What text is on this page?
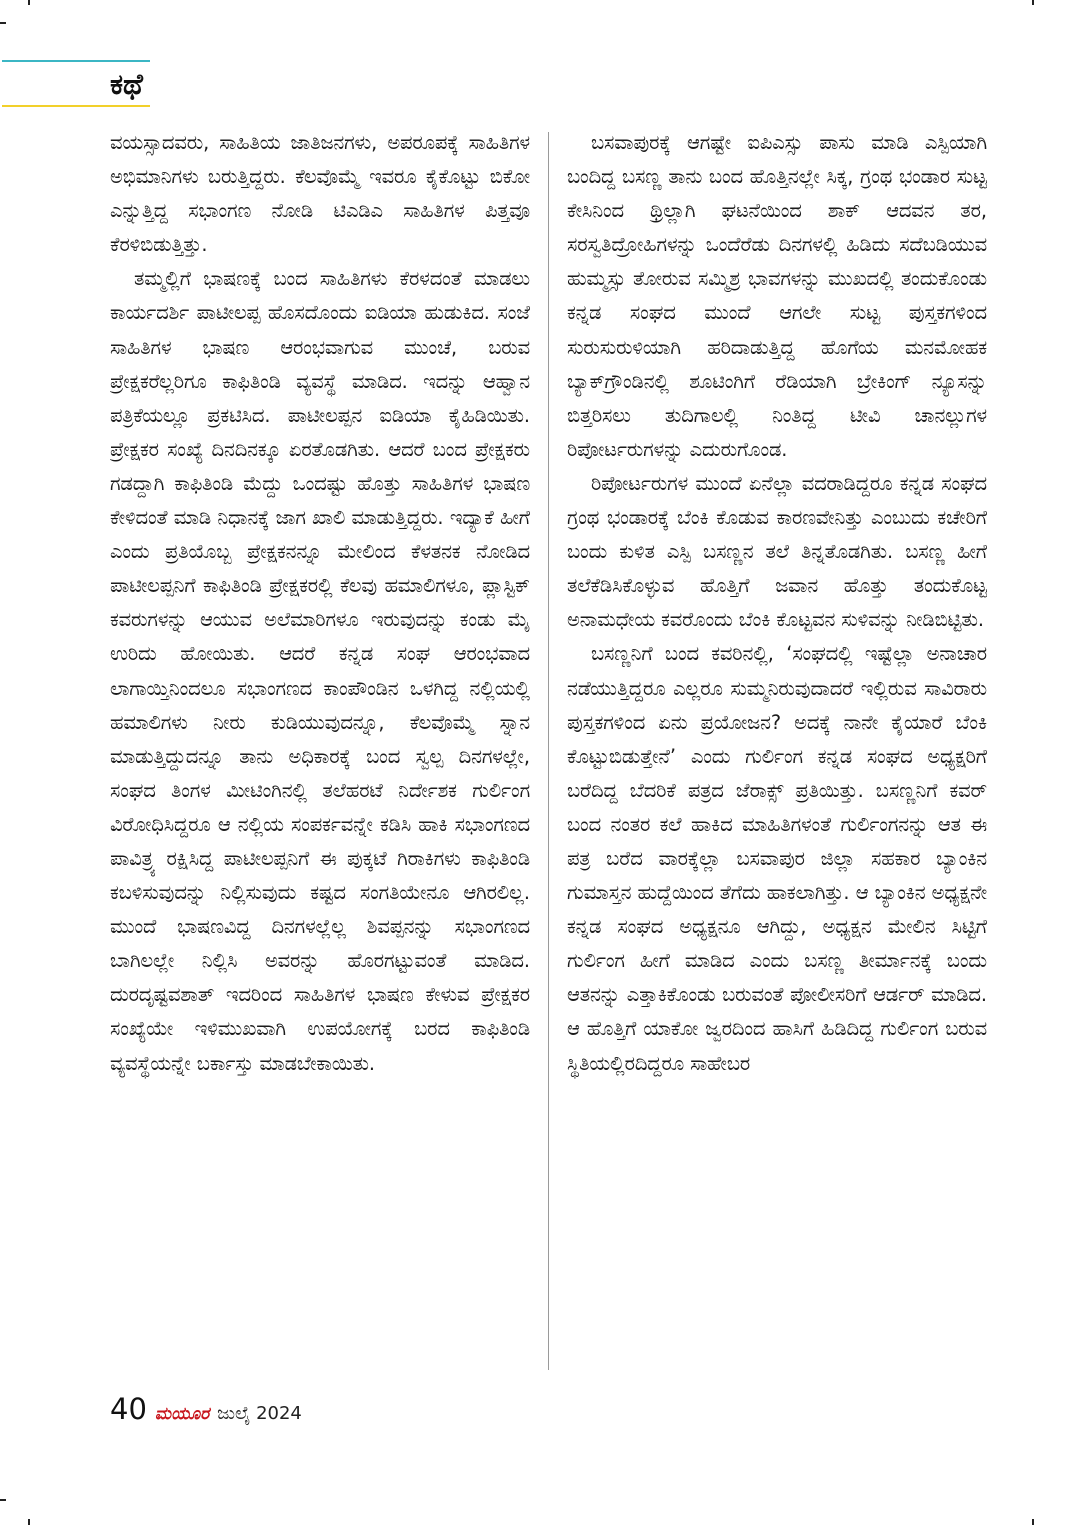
ಕಥೆ

ವಯಸ್ಸಾದವರು, ಸಾಹಿತಿಯ ಜಾತಿಜನಗಳು, ಅಪರೂಪಕ್ಕೆ ಸಾಹಿತಿಗಳ ಅಭಿಮಾನಿಗಳು ಬರುತ್ತಿದ್ದರು. ಕೆಲವೊಮ್ಮೆ ಇವರೂ ಕೈಕೊಟ್ಟು ಬಿಕೋ ಎನ್ನುತ್ತಿದ್ದ ಸಭಾಂಗಣ ನೋಡಿ ಟಿಎಡಿಎ ಸಾಹಿತಿಗಳ ಪಿತ್ತವೂ ಕೆರಳಿಬಿಡುತ್ತಿತ್ತು.

ತಮ್ಮಲ್ಲಿಗೆ ಭಾಷಣಕ್ಕೆ ಬಂದ ಸಾಹಿತಿಗಳು ಕೆರಳದಂತೆ ಮಾಡಲು ಕಾರ್ಯದರ್ಶಿ ಪಾಟೀಲಪ್ಪ ಹೊಸದೊಂದು ಐಡಿಯಾ ಹುಡುಕಿದ. ಸಂಜೆ ಸಾಹಿತಿಗಳ ಭಾಷಣ ಆರಂಭವಾಗುವ ಮುಂಚೆ, ಬರುವ ಪ್ರೇಕ್ಷಕರೆಲ್ಲರಿಗೂ ಕಾಫಿತಿಂಡಿ ವ್ಯವಸ್ಥೆ ಮಾಡಿದ. ಇದನ್ನು ಆಹ್ವಾನ ಪತ್ರಿಕೆಯಲ್ಲೂ ಪ್ರಕಟಿಸಿದ. ಪಾಟೀಲಪ್ಪನ ಐಡಿಯಾ ಕೈಹಿಡಿಯಿತು. ಪ್ರೇಕ್ಷಕರ ಸಂಖ್ಯೆ ದಿನದಿನಕ್ಕೂ ಏರತೊಡಗಿತು. ಆದರೆ ಬಂದ ಪ್ರೇಕ್ಷಕರು ಗಡದ್ದಾಗಿ ಕಾಫಿತಿಂಡಿ ಮೆದ್ದು ಒಂದಷ್ಟು ಹೊತ್ತು ಸಾಹಿತಿಗಳ ಭಾಷಣ ಕೇಳಿದಂತೆ ಮಾಡಿ ನಿಧಾನಕ್ಕೆ ಜಾಗ ಖಾಲಿ ಮಾಡುತ್ತಿದ್ದರು. ಇದ್ಯಾಕೆ ಹೀಗೆ ಎಂದು ಪ್ರತಿಯೊಬ್ಬ ಪ್ರೇಕ್ಷಕನನ್ನೂ ಮೇಲಿಂದ ಕೆಳತನಕ ನೋಡಿದ ಪಾಟೀಲಪ್ಪನಿಗೆ ಕಾಫಿತಿಂಡಿ ಪ್ರೇಕ್ಷಕರಲ್ಲಿ ಕೆಲವು ಹಮಾಲಿಗಳೂ, ಪ್ಲಾಸ್ಟಿಕ್ ಕವರುಗಳನ್ನು ಆಯುವ ಅಲೆಮಾರಿಗಳೂ ಇರುವುದನ್ನು ಕಂಡು ಮೈ ಉರಿದು ಹೋಯಿತು. ಆದರೆ ಕನ್ನಡ ಸಂಘ ಆರಂಭವಾದ ಲಾಗಾಯ್ತಿನಿಂದಲೂ ಸಭಾಂಗಣದ ಕಾಂಪೌಂಡಿನ ಒಳಗಿದ್ದ ನಲ್ಲಿಯಲ್ಲಿ ಹಮಾಲಿಗಳು ನೀರು ಕುಡಿಯುವುದನ್ನೂ, ಕೆಲವೊಮ್ಮೆ ಸ್ನಾನ ಮಾಡುತ್ತಿದ್ದುದನ್ನೂ ತಾನು ಅಧಿಕಾರಕ್ಕೆ ಬಂದ ಸ್ವಲ್ಪ ದಿನಗಳಲ್ಲೇ, ಸಂಘದ ತಿಂಗಳ ಮೀಟಿಂಗಿನಲ್ಲಿ ತಲೆಹರಟೆ ನಿರ್ದೇಶಕ ಗುರ್ಲಿಂಗ ವಿರೋಧಿಸಿದ್ದರೂ ಆ ನಲ್ಲಿಯ ಸಂಪರ್ಕವನ್ನೇ ಕಡಿಸಿ ಹಾಕಿ ಸಭಾಂಗಣದ ಪಾವಿತ್ರ್ಯ ರಕ್ಷಿಸಿದ್ದ ಪಾಟೀಲಪ್ಪನಿಗೆ ಈ ಪುಕ್ಕಟೆ ಗಿರಾಕಿಗಳು ಕಾಫಿತಿಂಡಿ ಕಬಳಿಸುವುದನ್ನು ನಿಲ್ಲಿಸುವುದು ಕಷ್ಟದ ಸಂಗತಿಯೇನೂ ಆಗಿರಲಿಲ್ಲ. ಮುಂದೆ ಭಾಷಣವಿದ್ದ ದಿನಗಳಲ್ಲೆಲ್ಲ ಶಿವಪ್ಪನನ್ನು ಸಭಾಂಗಣದ ಬಾಗಿಲಲ್ಲೇ ನಿಲ್ಲಿಸಿ ಅವರನ್ನು ಹೊರಗಟ್ಟುವಂತೆ ಮಾಡಿದ. ದುರದೃಷ್ಟವಶಾತ್ ಇದರಿಂದ ಸಾಹಿತಿಗಳ ಭಾಷಣ ಕೇಳುವ ಪ್ರೇಕ್ಷಕರ ಸಂಖ್ಯೆಯೇ ಇಳಿಮುಖವಾಗಿ ಉಪಯೋಗಕ್ಕೆ ಬರದ ಕಾಫಿತಿಂಡಿ ವ್ಯವಸ್ಥೆಯನ್ನೇ ಬರ್ಕಾಸ್ತು ಮಾಡಬೇಕಾಯಿತು.

ಬಸವಾಪುರಕ್ಕೆ ಆಗಷ್ಟೇ ಐಪಿಎಸ್ಸು ಪಾಸು ಮಾಡಿ ಎಸ್ಪಿಯಾಗಿ ಬಂದಿದ್ದ ಬಸಣ್ಣ ತಾನು ಬಂದ ಹೊತ್ತಿನಲ್ಲೇ ಸಿಕ್ಕ, ಗ್ರಂಥ ಭಂಡಾರ ಸುಟ್ಟ ಕೇಸಿನಿಂದ ಥ್ರಿಲ್ಲಾಗಿ ಘಟನೆಯಿಂದ ಶಾಕ್ ಆದವನ ತರ, ಸರಸ್ವತಿದ್ರೋಹಿಗಳನ್ನು ಒಂದೆರೆಡು ದಿನಗಳಲ್ಲಿ ಹಿಡಿದು ಸದೆಬಡಿಯುವ ಹುಮ್ಮಸ್ಸು ತೋರುವ ಸಮ್ಮಿಶ್ರ ಭಾವಗಳನ್ನು ಮುಖದಲ್ಲಿ ತಂದುಕೊಂಡು ಕನ್ನಡ ಸಂಘದ ಮುಂದೆ ಆಗಲೇ ಸುಟ್ಟ ಪುಸ್ತಕಗಳಿಂದ ಸುರುಸುರುಳಿಯಾಗಿ ಹರಿದಾಡುತ್ತಿದ್ದ ಹೊಗೆಯ ಮನಮೋಹಕ ಬ್ಯಾಕ್‌ಗ್ರೌಂಡಿನಲ್ಲಿ ಶೂಟಿಂಗಿಗೆ ರೆಡಿಯಾಗಿ ಬ್ರೇಕಿಂಗ್ ನ್ಯೂಸನ್ನು ಬಿತ್ತರಿಸಲು ತುದಿಗಾಲಲ್ಲಿ ನಿಂತಿದ್ದ ಟೀವಿ ಚಾನಲ್ಲುಗಳ ರಿಪೋರ್ಟರುಗಳನ್ನು ಎದುರುಗೊಂಡ.

ರಿಪೋರ್ಟರುಗಳ ಮುಂದೆ ಏನೆಲ್ಲಾ ವದರಾಡಿದ್ದರೂ ಕನ್ನಡ ಸಂಘದ ಗ್ರಂಥ ಭಂಡಾರಕ್ಕೆ ಬೆಂಕಿ ಕೊಡುವ ಕಾರಣವೇನಿತ್ತು ಎಂಬುದು ಕಚೇರಿಗೆ ಬಂದು ಕುಳಿತ ಎಸ್ಪಿ ಬಸಣ್ಣನ ತಲೆ ತಿನ್ನತೊಡಗಿತು. ಬಸಣ್ಣ ಹೀಗೆ ತಲೆಕೆಡಿಸಿಕೊಳ್ಳುವ ಹೊತ್ತಿಗೆ ಜವಾನ ಹೊತ್ತು ತಂದುಕೊಟ್ಟ ಅನಾಮಧೇಯ ಕವರೊಂದು ಬೆಂಕಿ ಕೊಟ್ಟವನ ಸುಳಿವನ್ನು ನೀಡಿಬಿಟ್ಟಿತು.

ಬಸಣ್ಣನಿಗೆ ಬಂದ ಕವರಿನಲ್ಲಿ, ‘ಸಂಘದಲ್ಲಿ ಇಷ್ಟೆಲ್ಲಾ ಅನಾಚಾರ ನಡೆಯುತ್ತಿದ್ದರೂ ಎಲ್ಲರೂ ಸುಮ್ಮನಿರುವುದಾದರೆ ಇಲ್ಲಿರುವ ಸಾವಿರಾರು ಪುಸ್ತಕಗಳಿಂದ ಏನು ಪ್ರಯೋಜನ? ಅದಕ್ಕೆ ನಾನೇ ಕೈಯಾರೆ ಬೆಂಕಿ ಕೊಟ್ಟುಬಿಡುತ್ತೇನೆ’ ಎಂದು ಗುರ್ಲಿಂಗ ಕನ್ನಡ ಸಂಘದ ಅಧ್ಯಕ್ಷರಿಗೆ ಬರೆದಿದ್ದ ಬೆದರಿಕೆ ಪತ್ರದ ಜೆರಾಕ್ಸ್ ಪ್ರತಿಯಿತ್ತು. ಬಸಣ್ಣನಿಗೆ ಕವರ್ ಬಂದ ನಂತರ ಕಲೆ ಹಾಕಿದ ಮಾಹಿತಿಗಳಂತೆ ಗುರ್ಲಿಂಗನನ್ನು ಆತ ಈ ಪತ್ರ ಬರೆದ ವಾರಕ್ಕೆಲ್ಲಾ ಬಸವಾಪುರ ಜಿಲ್ಲಾ ಸಹಕಾರ ಬ್ಯಾಂಕಿನ ಗುಮಾಸ್ತನ ಹುದ್ದೆಯಿಂದ ತೆಗೆದು ಹಾಕಲಾಗಿತ್ತು. ಆ ಬ್ಯಾಂಕಿನ ಅಧ್ಯಕ್ಷನೇ ಕನ್ನಡ ಸಂಘದ ಅಧ್ಯಕ್ಷನೂ ಆಗಿದ್ದು, ಅಧ್ಯಕ್ಷನ ಮೇಲಿನ ಸಿಟ್ಟಿಗೆ ಗುರ್ಲಿಂಗ ಹೀಗೆ ಮಾಡಿದ ಎಂದು ಬಸಣ್ಣ ತೀರ್ಮಾನಕ್ಕೆ ಬಂದು ಆತನನ್ನು ಎತ್ತಾಕಿಕೊಂಡು ಬರುವಂತೆ ಪೋಲೀಸರಿಗೆ ಆರ್ಡರ್ ಮಾಡಿದ. ಆ ಹೊತ್ತಿಗೆ ಯಾಕೋ ಜ್ವರದಿಂದ ಹಾಸಿಗೆ ಹಿಡಿದಿದ್ದ ಗುರ್ಲಿಂಗ ಬರುವ ಸ್ಥಿತಿಯಲ್ಲಿರದಿದ್ದರೂ ಸಾಹೇಬರ

40 ಮಯೂರ ಜುಲೈ 2024
